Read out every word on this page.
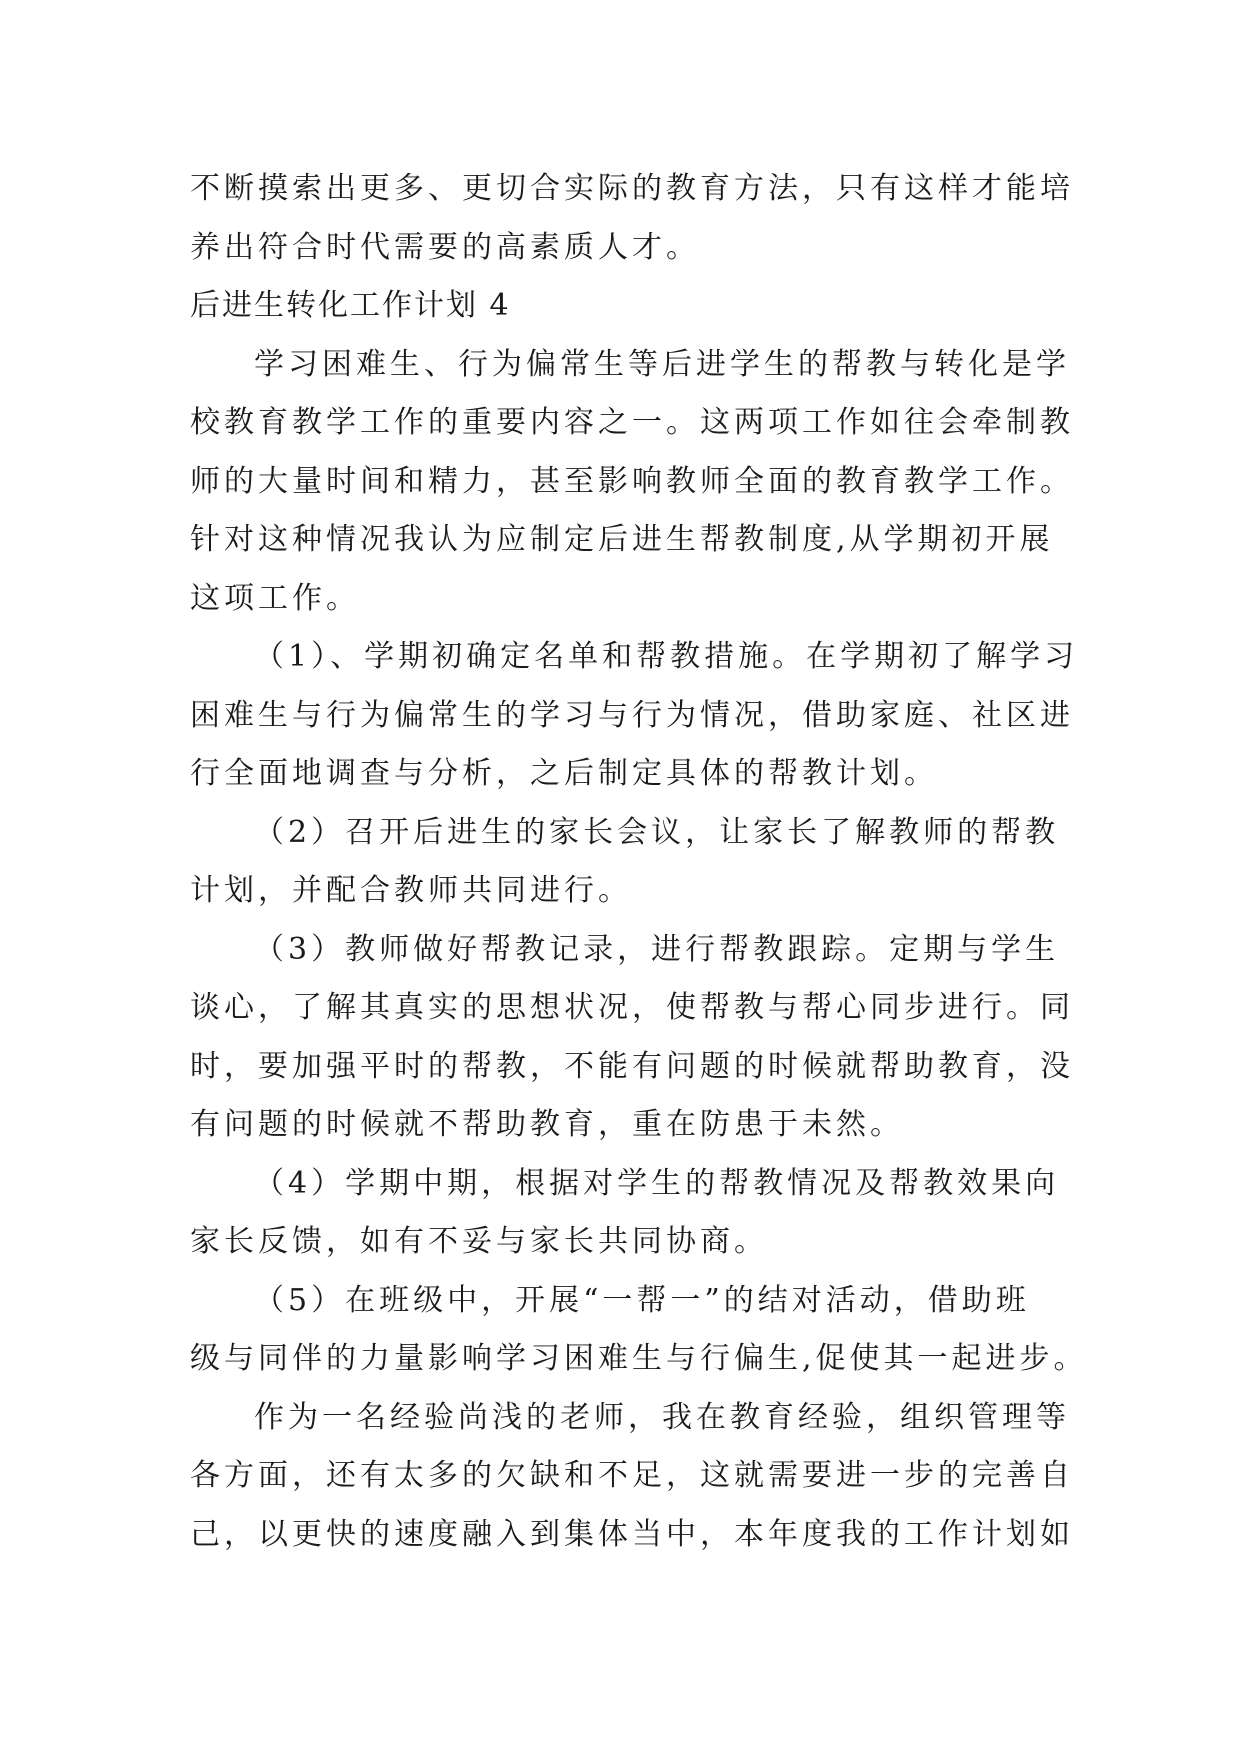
不断摸索出更多、更切合实际的教育方法，只有这样才能培
养出符合时代需要的高素质人才。
后进生转化工作计划 4
学习困难生、行为偏常生等后进学生的帮教与转化是学
校教育教学工作的重要内容之一。这两项工作如往会牵制教
师的大量时间和精力，甚至影响教师全面的教育教学工作。
针对这种情况我认为应制定后进生帮教制度,从学期初开展
这项工作。
（1）、学期初确定名单和帮教措施。在学期初了解学习
困难生与行为偏常生的学习与行为情况，借助家庭、社区进
行全面地调查与分析，之后制定具体的帮教计划。
（2）召开后进生的家长会议，让家长了解教师的帮教
计划，并配合教师共同进行。
（3）教师做好帮教记录，进行帮教跟踪。定期与学生
谈心，了解其真实的思想状况，使帮教与帮心同步进行。同
时，要加强平时的帮教，不能有问题的时候就帮助教育，没
有问题的时候就不帮助教育，重在防患于未然。
（4）学期中期，根据对学生的帮教情况及帮教效果向
家长反馈，如有不妥与家长共同协商。
（5）在班级中，开展“一帮一”的结对活动，借助班
级与同伴的力量影响学习困难生与行偏生,促使其一起进步。
作为一名经验尚浅的老师，我在教育经验，组织管理等
各方面，还有太多的欠缺和不足，这就需要进一步的完善自
己，以更快的速度融入到集体当中，本年度我的工作计划如
